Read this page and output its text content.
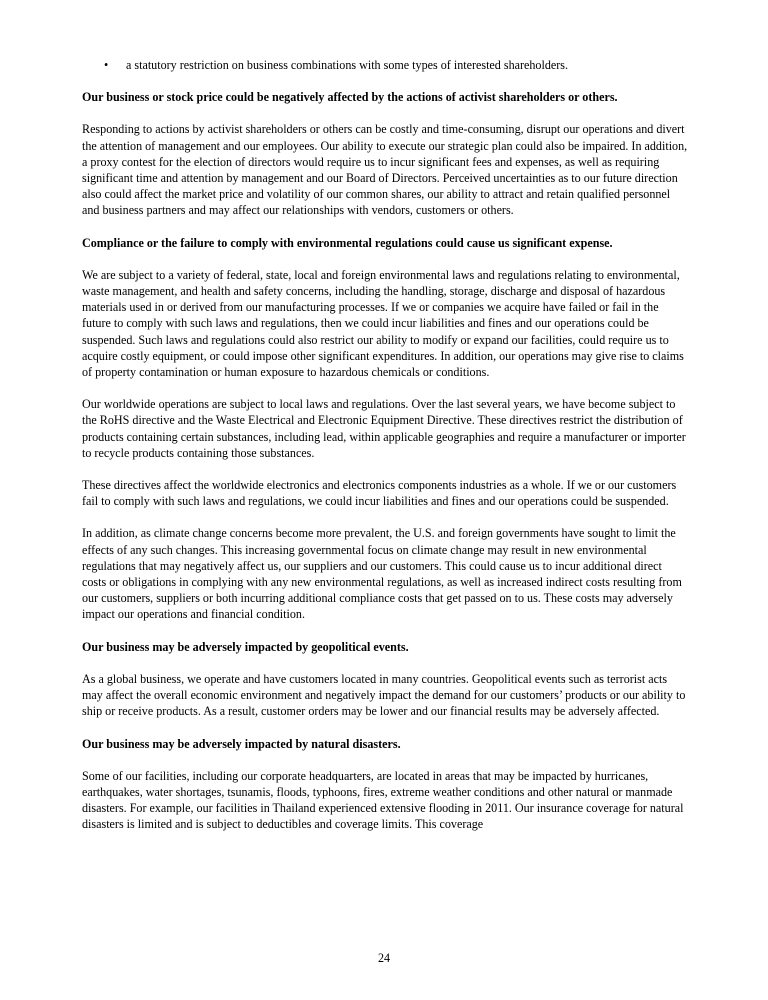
• a statutory restriction on business combinations with some types of interested shareholders.

Our business or stock price could be negatively affected by the actions of activist shareholders or others.

Responding to actions by activist shareholders or others can be costly and time-consuming, disrupt our operations and divert the attention of management and our employees. Our ability to execute our strategic plan could also be impaired. In addition, a proxy contest for the election of directors would require us to incur significant fees and expenses, as well as requiring significant time and attention by management and our Board of Directors. Perceived uncertainties as to our future direction also could affect the market price and volatility of our common shares, our ability to attract and retain qualified personnel and business partners and may affect our relationships with vendors, customers or others.

Compliance or the failure to comply with environmental regulations could cause us significant expense.

We are subject to a variety of federal, state, local and foreign environmental laws and regulations relating to environmental, waste management, and health and safety concerns, including the handling, storage, discharge and disposal of hazardous materials used in or derived from our manufacturing processes. If we or companies we acquire have failed or fail in the future to comply with such laws and regulations, then we could incur liabilities and fines and our operations could be suspended. Such laws and regulations could also restrict our ability to modify or expand our facilities, could require us to acquire costly equipment, or could impose other significant expenditures. In addition, our operations may give rise to claims of property contamination or human exposure to hazardous chemicals or conditions.

Our worldwide operations are subject to local laws and regulations. Over the last several years, we have become subject to the RoHS directive and the Waste Electrical and Electronic Equipment Directive. These directives restrict the distribution of products containing certain substances, including lead, within applicable geographies and require a manufacturer or importer to recycle products containing those substances.

These directives affect the worldwide electronics and electronics components industries as a whole. If we or our customers fail to comply with such laws and regulations, we could incur liabilities and fines and our operations could be suspended.

In addition, as climate change concerns become more prevalent, the U.S. and foreign governments have sought to limit the effects of any such changes. This increasing governmental focus on climate change may result in new environmental regulations that may negatively affect us, our suppliers and our customers. This could cause us to incur additional direct costs or obligations in complying with any new environmental regulations, as well as increased indirect costs resulting from our customers, suppliers or both incurring additional compliance costs that get passed on to us. These costs may adversely impact our operations and financial condition.

Our business may be adversely impacted by geopolitical events.

As a global business, we operate and have customers located in many countries. Geopolitical events such as terrorist acts may affect the overall economic environment and negatively impact the demand for our customers’ products or our ability to ship or receive products. As a result, customer orders may be lower and our financial results may be adversely affected.

Our business may be adversely impacted by natural disasters.

Some of our facilities, including our corporate headquarters, are located in areas that may be impacted by hurricanes, earthquakes, water shortages, tsunamis, floods, typhoons, fires, extreme weather conditions and other natural or manmade disasters. For example, our facilities in Thailand experienced extensive flooding in 2011. Our insurance coverage for natural disasters is limited and is subject to deductibles and coverage limits. This coverage

24
